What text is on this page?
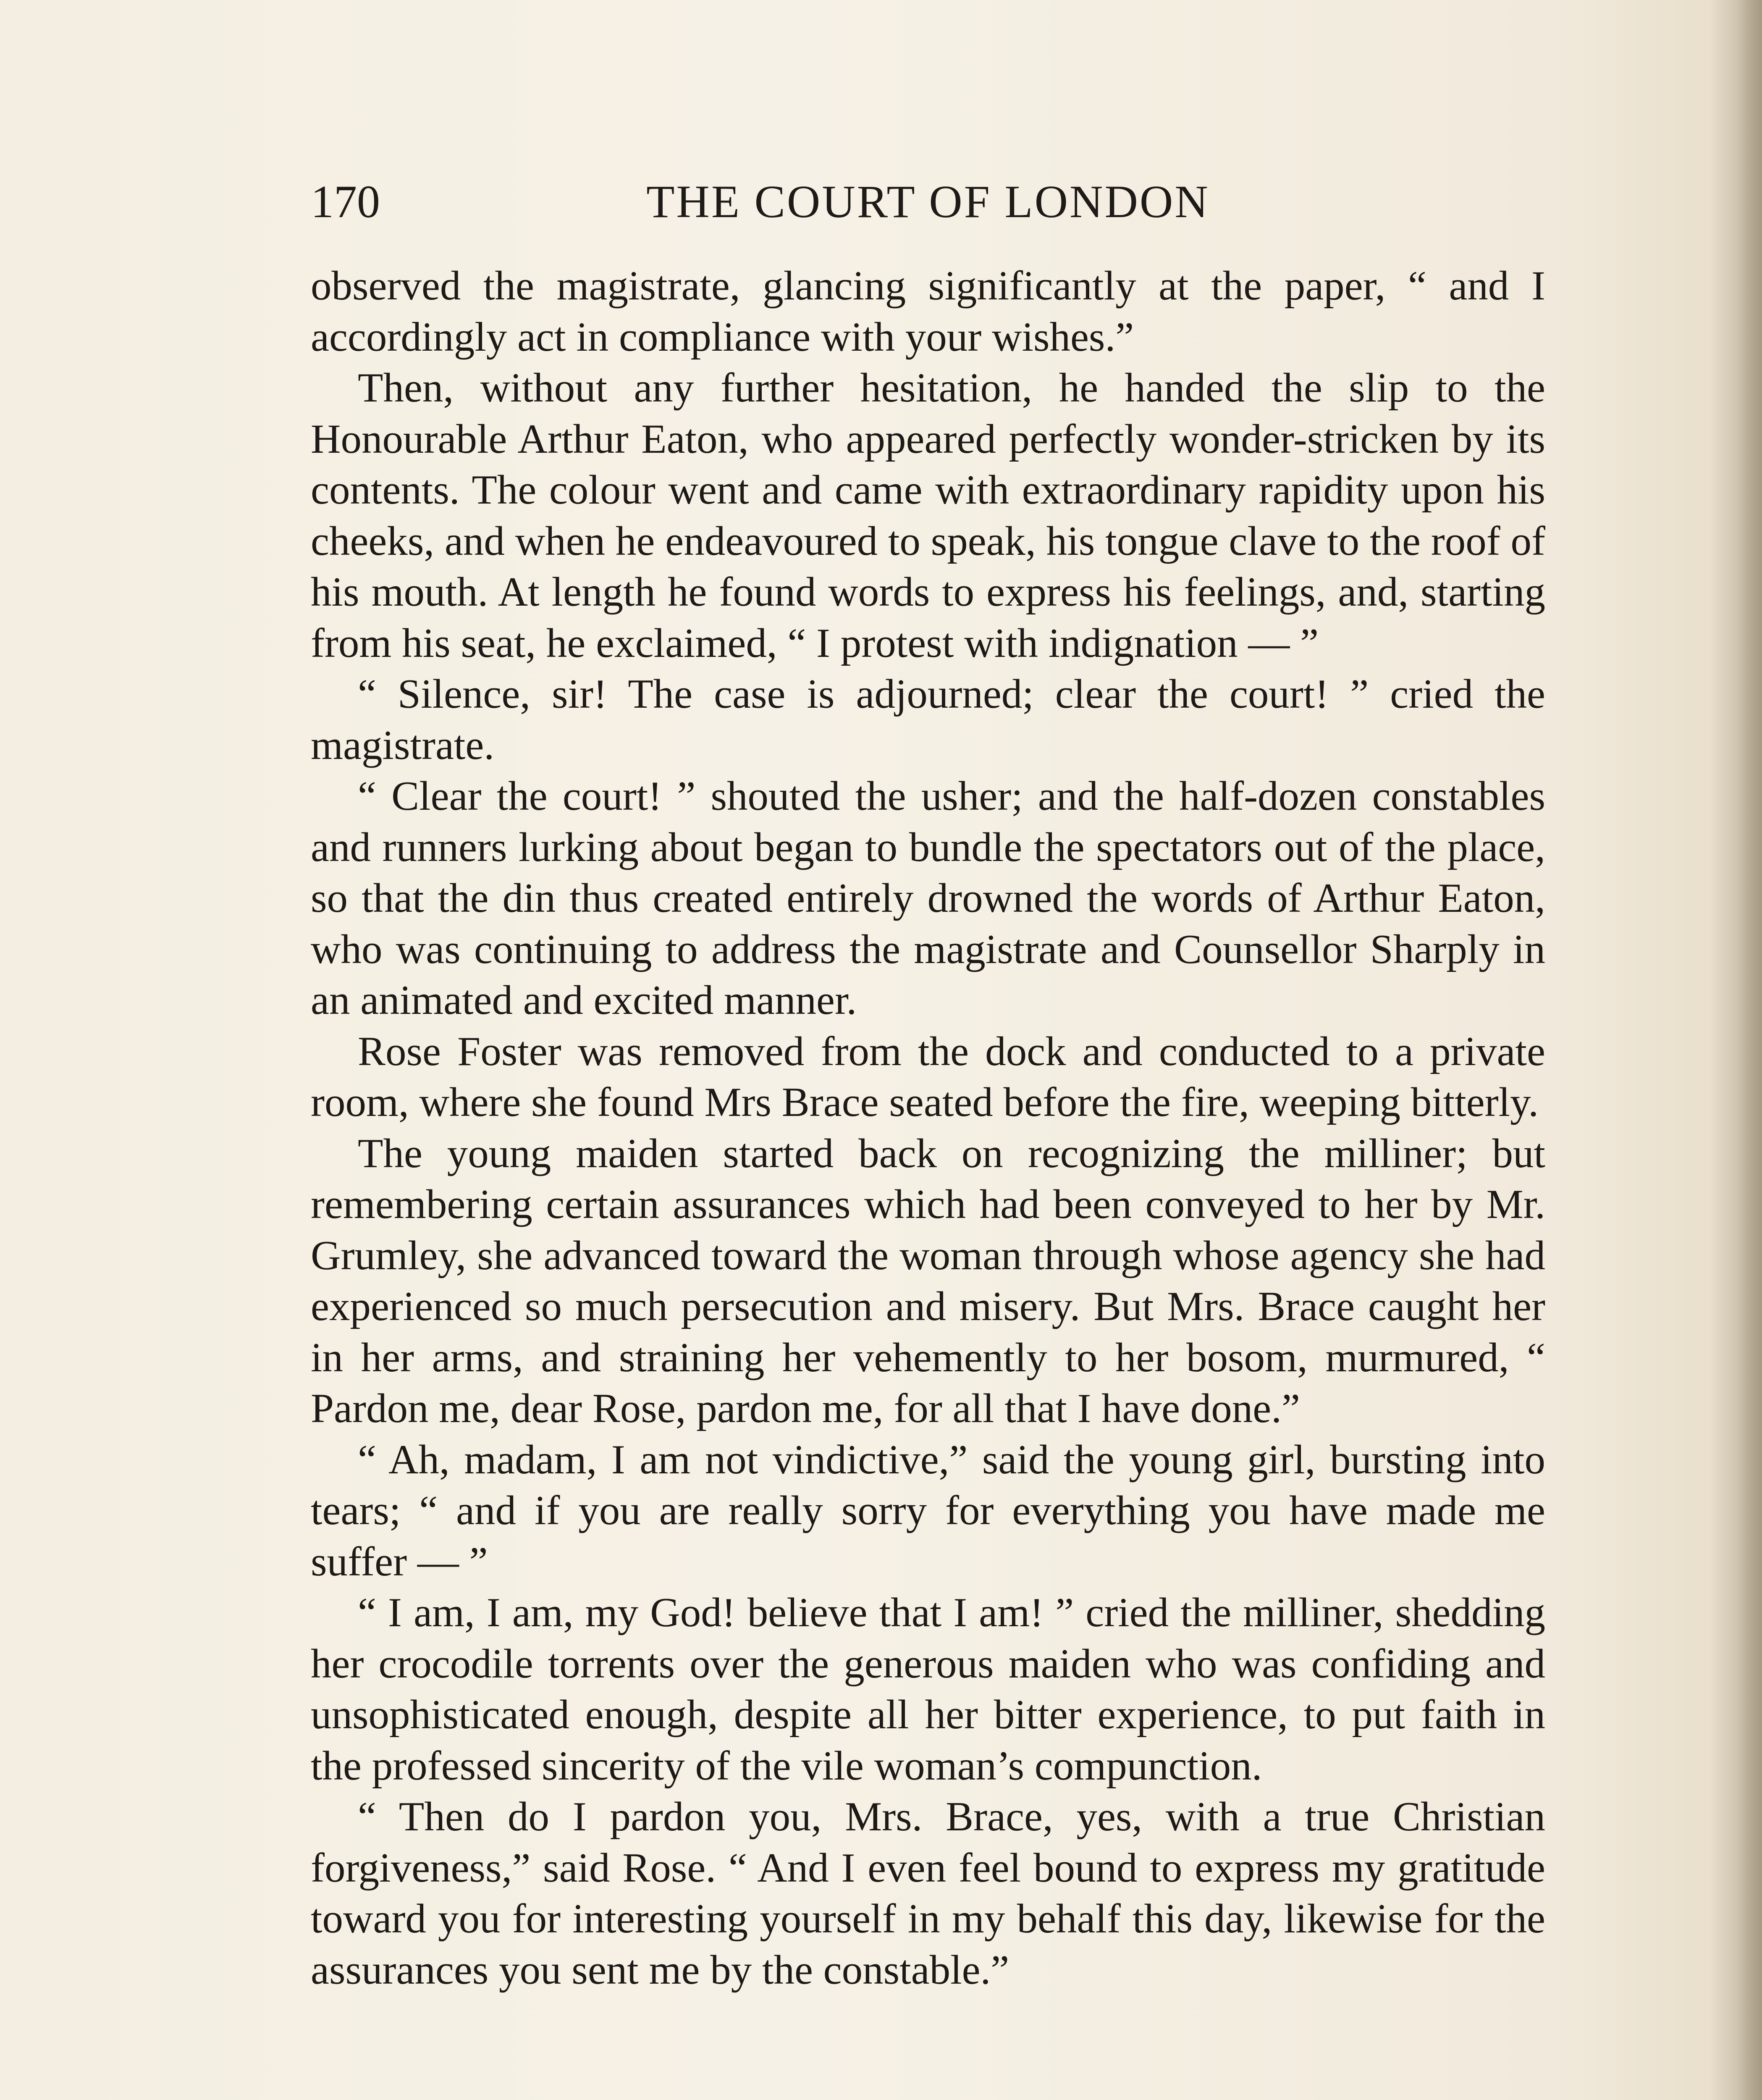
170	THE COURT OF LONDON

observed the magistrate, glancing significantly at the paper, “ and I accordingly act in compliance with your wishes.”

Then, without any further hesitation, he handed the slip to the Honourable Arthur Eaton, who appeared perfectly wonder-stricken by its contents. The colour went and came with extraordinary rapidity upon his cheeks, and when he endeavoured to speak, his tongue clave to the roof of his mouth. At length he found words to express his feelings, and, starting from his seat, he exclaimed, “ I protest with indignation — ”

“ Silence, sir! The case is adjourned; clear the court! ” cried the magistrate.

“ Clear the court! ” shouted the usher; and the half-dozen constables and runners lurking about began to bundle the spectators out of the place, so that the din thus created entirely drowned the words of Arthur Eaton, who was continuing to address the magistrate and Counsellor Sharply in an animated and excited manner.

Rose Foster was removed from the dock and conducted to a private room, where she found Mrs Brace seated before the fire, weeping bitterly.

The young maiden started back on recognizing the milliner; but remembering certain assurances which had been conveyed to her by Mr. Grumley, she advanced toward the woman through whose agency she had experienced so much persecution and misery. But Mrs. Brace caught her in her arms, and straining her vehemently to her bosom, murmured, “ Pardon me, dear Rose, pardon me, for all that I have done.”

“ Ah, madam, I am not vindictive,” said the young girl, bursting into tears; “ and if you are really sorry for everything you have made me suffer — ”

“ I am, I am, my God! believe that I am! ” cried the milliner, shedding her crocodile torrents over the generous maiden who was confiding and unsophisticated enough, despite all her bitter experience, to put faith in the professed sincerity of the vile woman’s compunction.

“ Then do I pardon you, Mrs. Brace, yes, with a true Christian forgiveness,” said Rose. “ And I even feel bound to express my gratitude toward you for interesting yourself in my behalf this day, likewise for the assurances you sent me by the constable.”
